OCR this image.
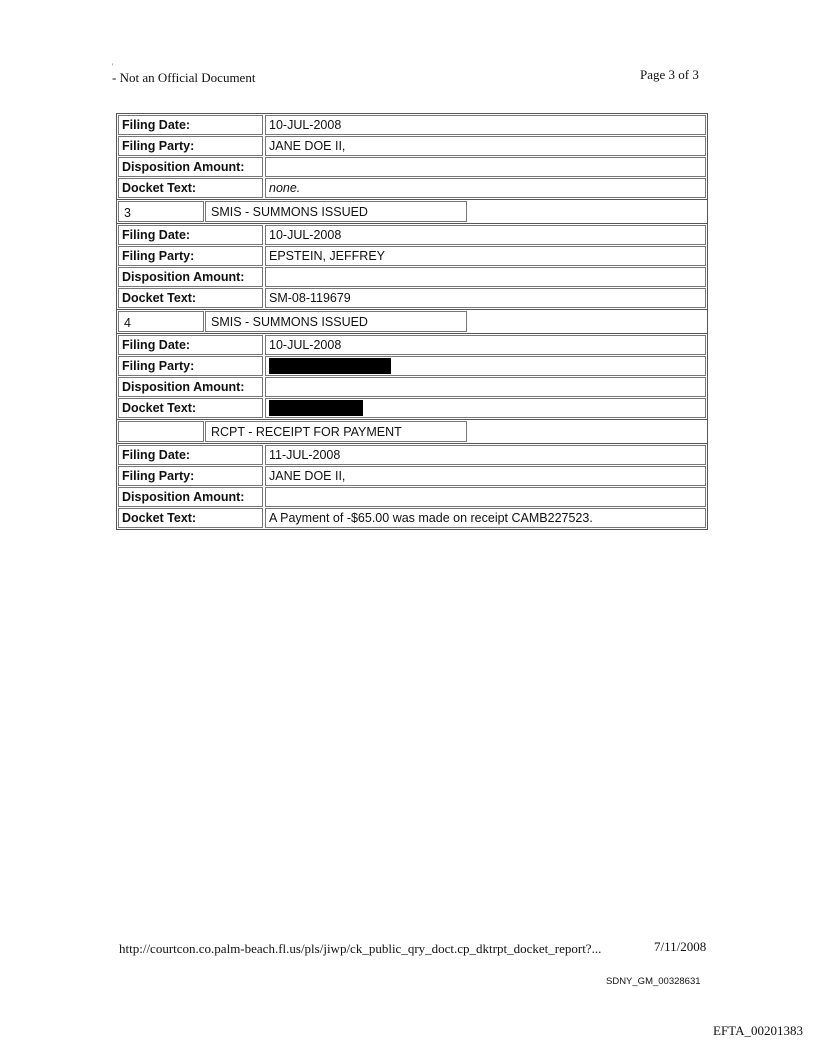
'
- Not an Official Document	Page 3 of 3
Filing Date:	10-JUL-2008
Filing Party:	JANE DOE II,
Disposition Amount:
Docket Text:	none.
3	SMIS - SUMMONS ISSUED
Filing Date:	10-JUL-2008
Filing Party:	EPSTEIN, JEFFREY
Disposition Amount:
Docket Text:	SM-08-119679
4	SMIS - SUMMONS ISSUED
Filing Date:	10-JUL-2008
Filing Party:
Disposition Amount:
Docket Text:
RCPT - RECEIPT FOR PAYMENT
Filing Date:	11-JUL-2008
Filing Party:	JANE DOE II,
Disposition Amount:
Docket Text:	A Payment of -$65.00 was made on receipt CAMB227523.
http://courtcon.co.palm-beach.fl.us/pls/jiwp/ck_public_qry_doct.cp_dktrpt_docket_report?...	7/11/2008
SDNY_GM_00328631
EFTA_00201383
